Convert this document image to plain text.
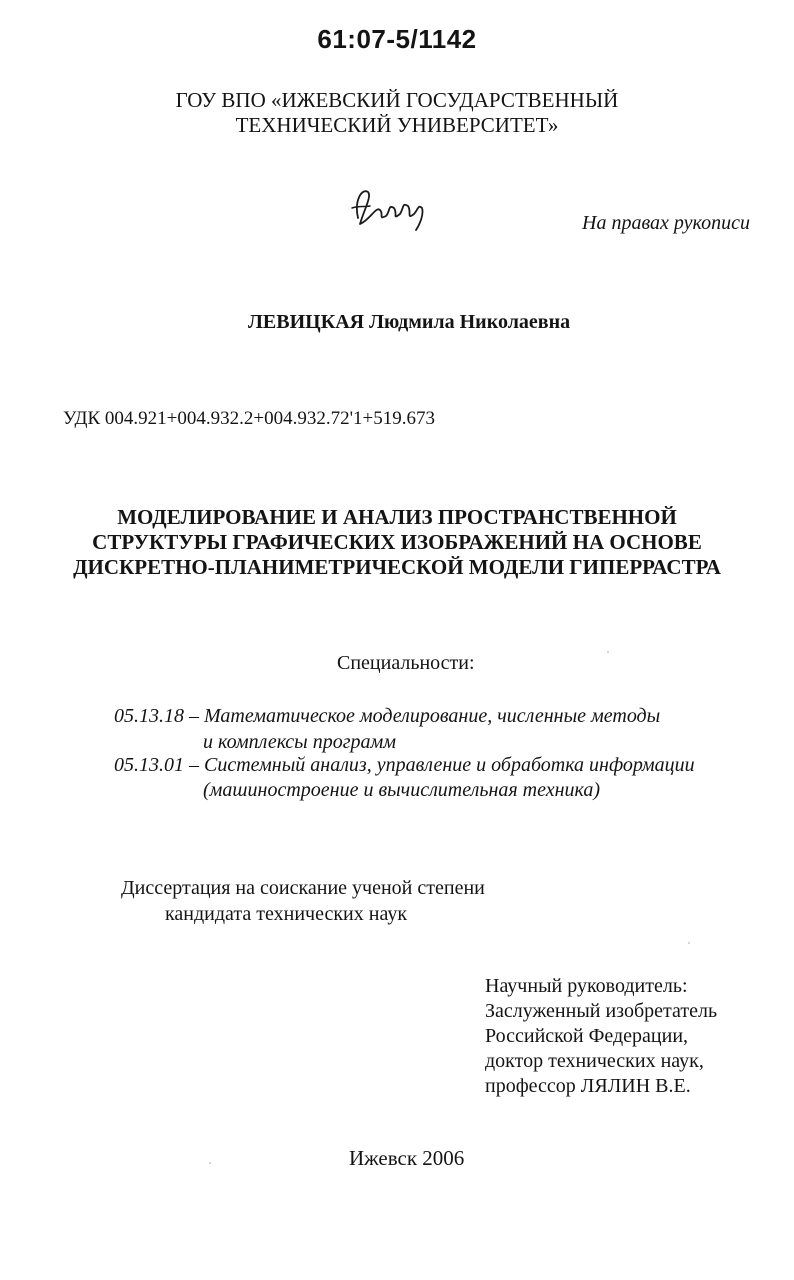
61:07-5/1142
ГОУ ВПО «ИЖЕВСКИЙ ГОСУДАРСТВЕННЫЙ
ТЕХНИЧЕСКИЙ УНИВЕРСИТЕТ»
На правах рукописи
ЛЕВИЦКАЯ Людмила Николаевна
УДК 004.921+004.932.2+004.932.72'1+519.673
МОДЕЛИРОВАНИЕ И АНАЛИЗ ПРОСТРАНСТВЕННОЙ
СТРУКТУРЫ ГРАФИЧЕСКИХ ИЗОБРАЖЕНИЙ НА ОСНОВЕ
ДИСКРЕТНО-ПЛАНИМЕТРИЧЕСКОЙ МОДЕЛИ ГИПЕРРАСТРА
Специальности:
05.13.18 – Математическое моделирование, численные методы
и комплексы программ
05.13.01 – Системный анализ, управление и обработка информации
(машиностроение и вычислительная техника)
Диссертация на соискание ученой степени
кандидата технических наук
Научный руководитель:
Заслуженный изобретатель
Российской Федерации,
доктор технических наук,
профессор ЛЯЛИН В.Е.
Ижевск 2006
